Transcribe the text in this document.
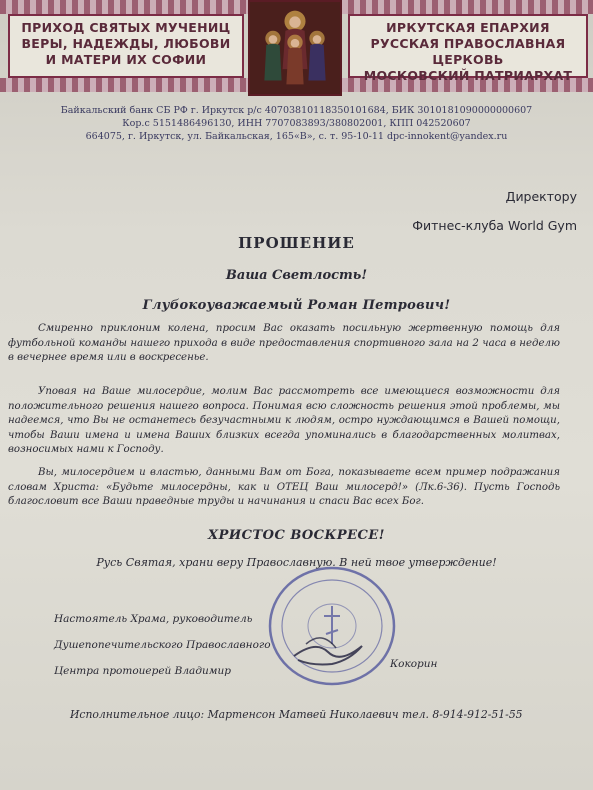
ПРИХОД СВЯТЫХ МУЧЕНИЦ
ВЕРЫ, НАДЕЖДЫ, ЛЮБОВИ
И МАТЕРИ ИХ СОФИИ
ИРКУТСКАЯ ЕПАРХИЯ
РУССКАЯ ПРАВОСЛАВНАЯ ЦЕРКОВЬ
МОСКОВСКИЙ ПАТРИАРХАТ
Байкальский банк СБ РФ г. Иркутск р/с 40703810118350101684, БИК 3010181090000000607
Кор.с 5151486496130, ИНН 7707083893/380802001, КПП 042520607
664075, г. Иркутск, ул. Байкальская, 165«В», с. т. 95-10-11 dpc-innokent@yandex.ru
Директору
Фитнес-клуба World Gym
ПРОШЕНИЕ
Ваша Светлость!
Глубокоуважаемый Роман Петрович!
Смиренно приклоним колена, просим Вас оказать посильную жертвенную помощь для футбольной команды нашего прихода в виде предоставления спортивного зала на 2 часа в неделю в вечернее время или в воскресенье.
Уповая на Ваше милосердие, молим Вас рассмотреть все имеющиеся возможности для положительного решения нашего вопроса. Понимая всю сложность решения этой проблемы, мы надеемся, что Вы не останетесь безучастными к людям, остро нуждающимся в Вашей помощи, чтобы Ваши имена и имена Ваших близких всегда упоминались в благодарственных молитвах, возносимых нами к Господу.
Вы, милосердием и властью, данными Вам от Бога, показываете всем пример подражания словам Христа: «Будьте милосердны, как и ОТЕЦ Ваш милосерд!» (Лк.6-36). Пусть Господь благословит все Ваши праведные труды и начинания и спаси Вас всех Бог.
ХРИСТОС ВОСКРЕСЕ!
Русь Святая, храни веру Православную. В ней твое утверждение!
Настоятель Храма, руководитель
Душепопечительского Православного
Центра протоиерей Владимир
Кокорин
Исполнительное лицо: Мартенсон Матвей Николаевич тел. 8-914-912-51-55
